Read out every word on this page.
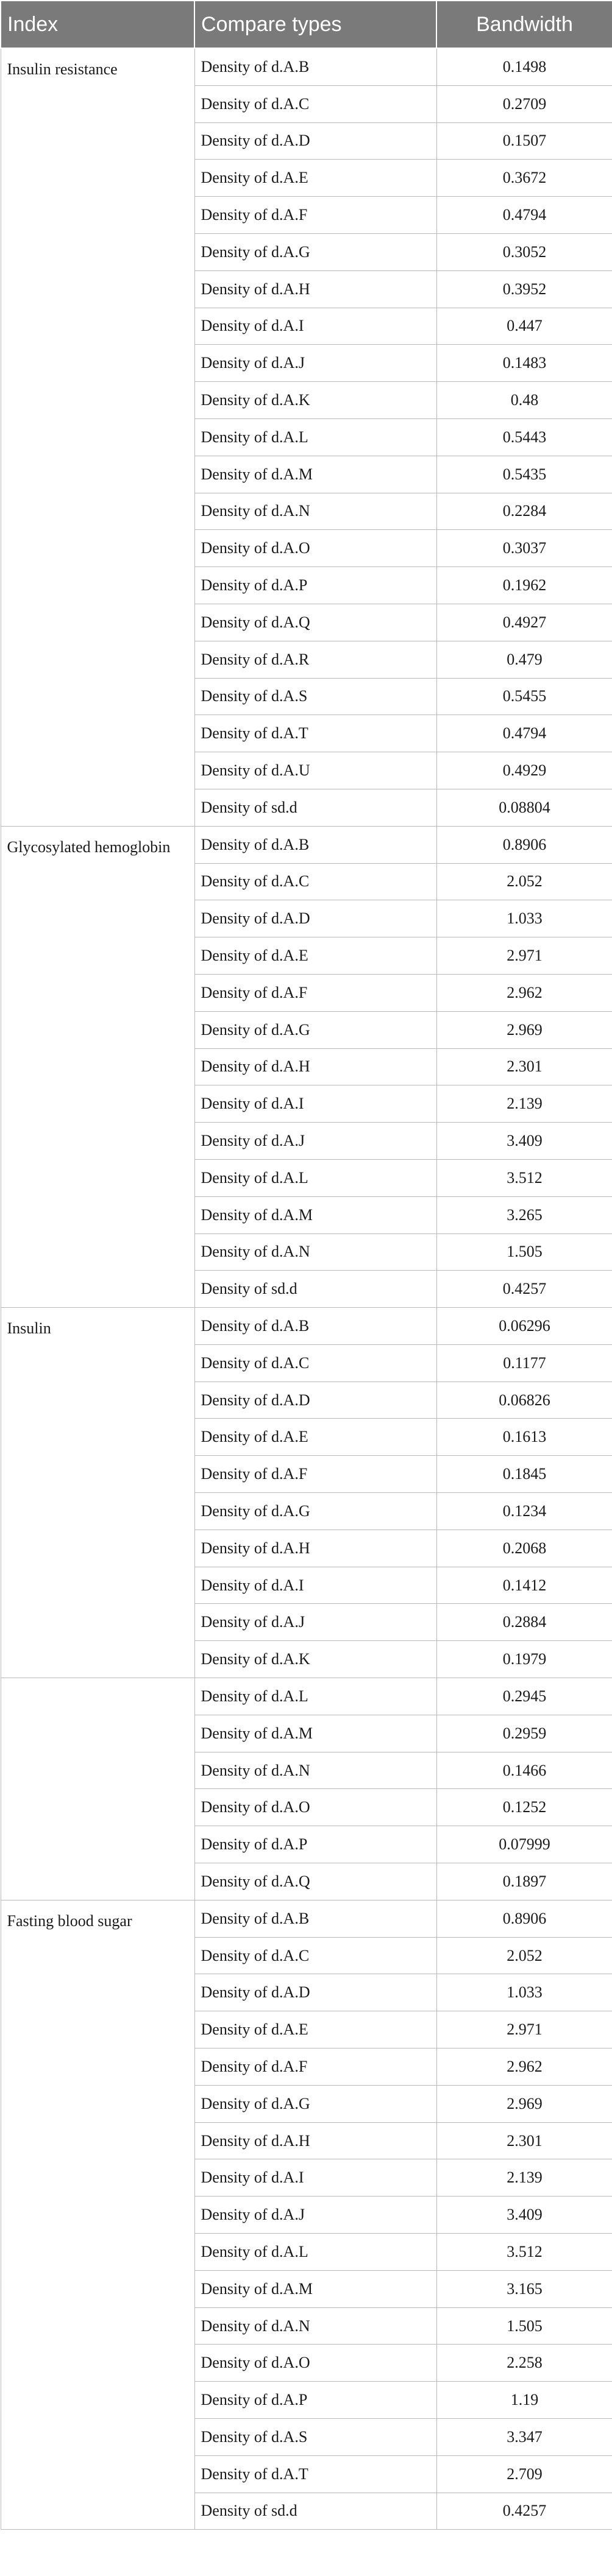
Index	Compare types	Bandwidth
Insulin resistance	Density of d.A.B	0.1498
	Density of d.A.C	0.2709
	Density of d.A.D	0.1507
	Density of d.A.E	0.3672
	Density of d.A.F	0.4794
	Density of d.A.G	0.3052
	Density of d.A.H	0.3952
	Density of d.A.I	0.447
	Density of d.A.J	0.1483
	Density of d.A.K	0.48
	Density of d.A.L	0.5443
	Density of d.A.M	0.5435
	Density of d.A.N	0.2284
	Density of d.A.O	0.3037
	Density of d.A.P	0.1962
	Density of d.A.Q	0.4927
	Density of d.A.R	0.479
	Density of d.A.S	0.5455
	Density of d.A.T	0.4794
	Density of d.A.U	0.4929
	Density of sd.d	0.08804
Glycosylated hemoglobin	Density of d.A.B	0.8906
	Density of d.A.C	2.052
	Density of d.A.D	1.033
	Density of d.A.E	2.971
	Density of d.A.F	2.962
	Density of d.A.G	2.969
	Density of d.A.H	2.301
	Density of d.A.I	2.139
	Density of d.A.J	3.409
	Density of d.A.L	3.512
	Density of d.A.M	3.265
	Density of d.A.N	1.505
	Density of sd.d	0.4257
Insulin	Density of d.A.B	0.06296
	Density of d.A.C	0.1177
	Density of d.A.D	0.06826
	Density of d.A.E	0.1613
	Density of d.A.F	0.1845
	Density of d.A.G	0.1234
	Density of d.A.H	0.2068
	Density of d.A.I	0.1412
	Density of d.A.J	0.2884
	Density of d.A.K	0.1979
	Density of d.A.L	0.2945
	Density of d.A.M	0.2959
	Density of d.A.N	0.1466
	Density of d.A.O	0.1252
	Density of d.A.P	0.07999
	Density of d.A.Q	0.1897
Fasting blood sugar	Density of d.A.B	0.8906
	Density of d.A.C	2.052
	Density of d.A.D	1.033
	Density of d.A.E	2.971
	Density of d.A.F	2.962
	Density of d.A.G	2.969
	Density of d.A.H	2.301
	Density of d.A.I	2.139
	Density of d.A.J	3.409
	Density of d.A.L	3.512
	Density of d.A.M	3.165
	Density of d.A.N	1.505
	Density of d.A.O	2.258
	Density of d.A.P	1.19
	Density of d.A.S	3.347
	Density of d.A.T	2.709
	Density of sd.d	0.4257
